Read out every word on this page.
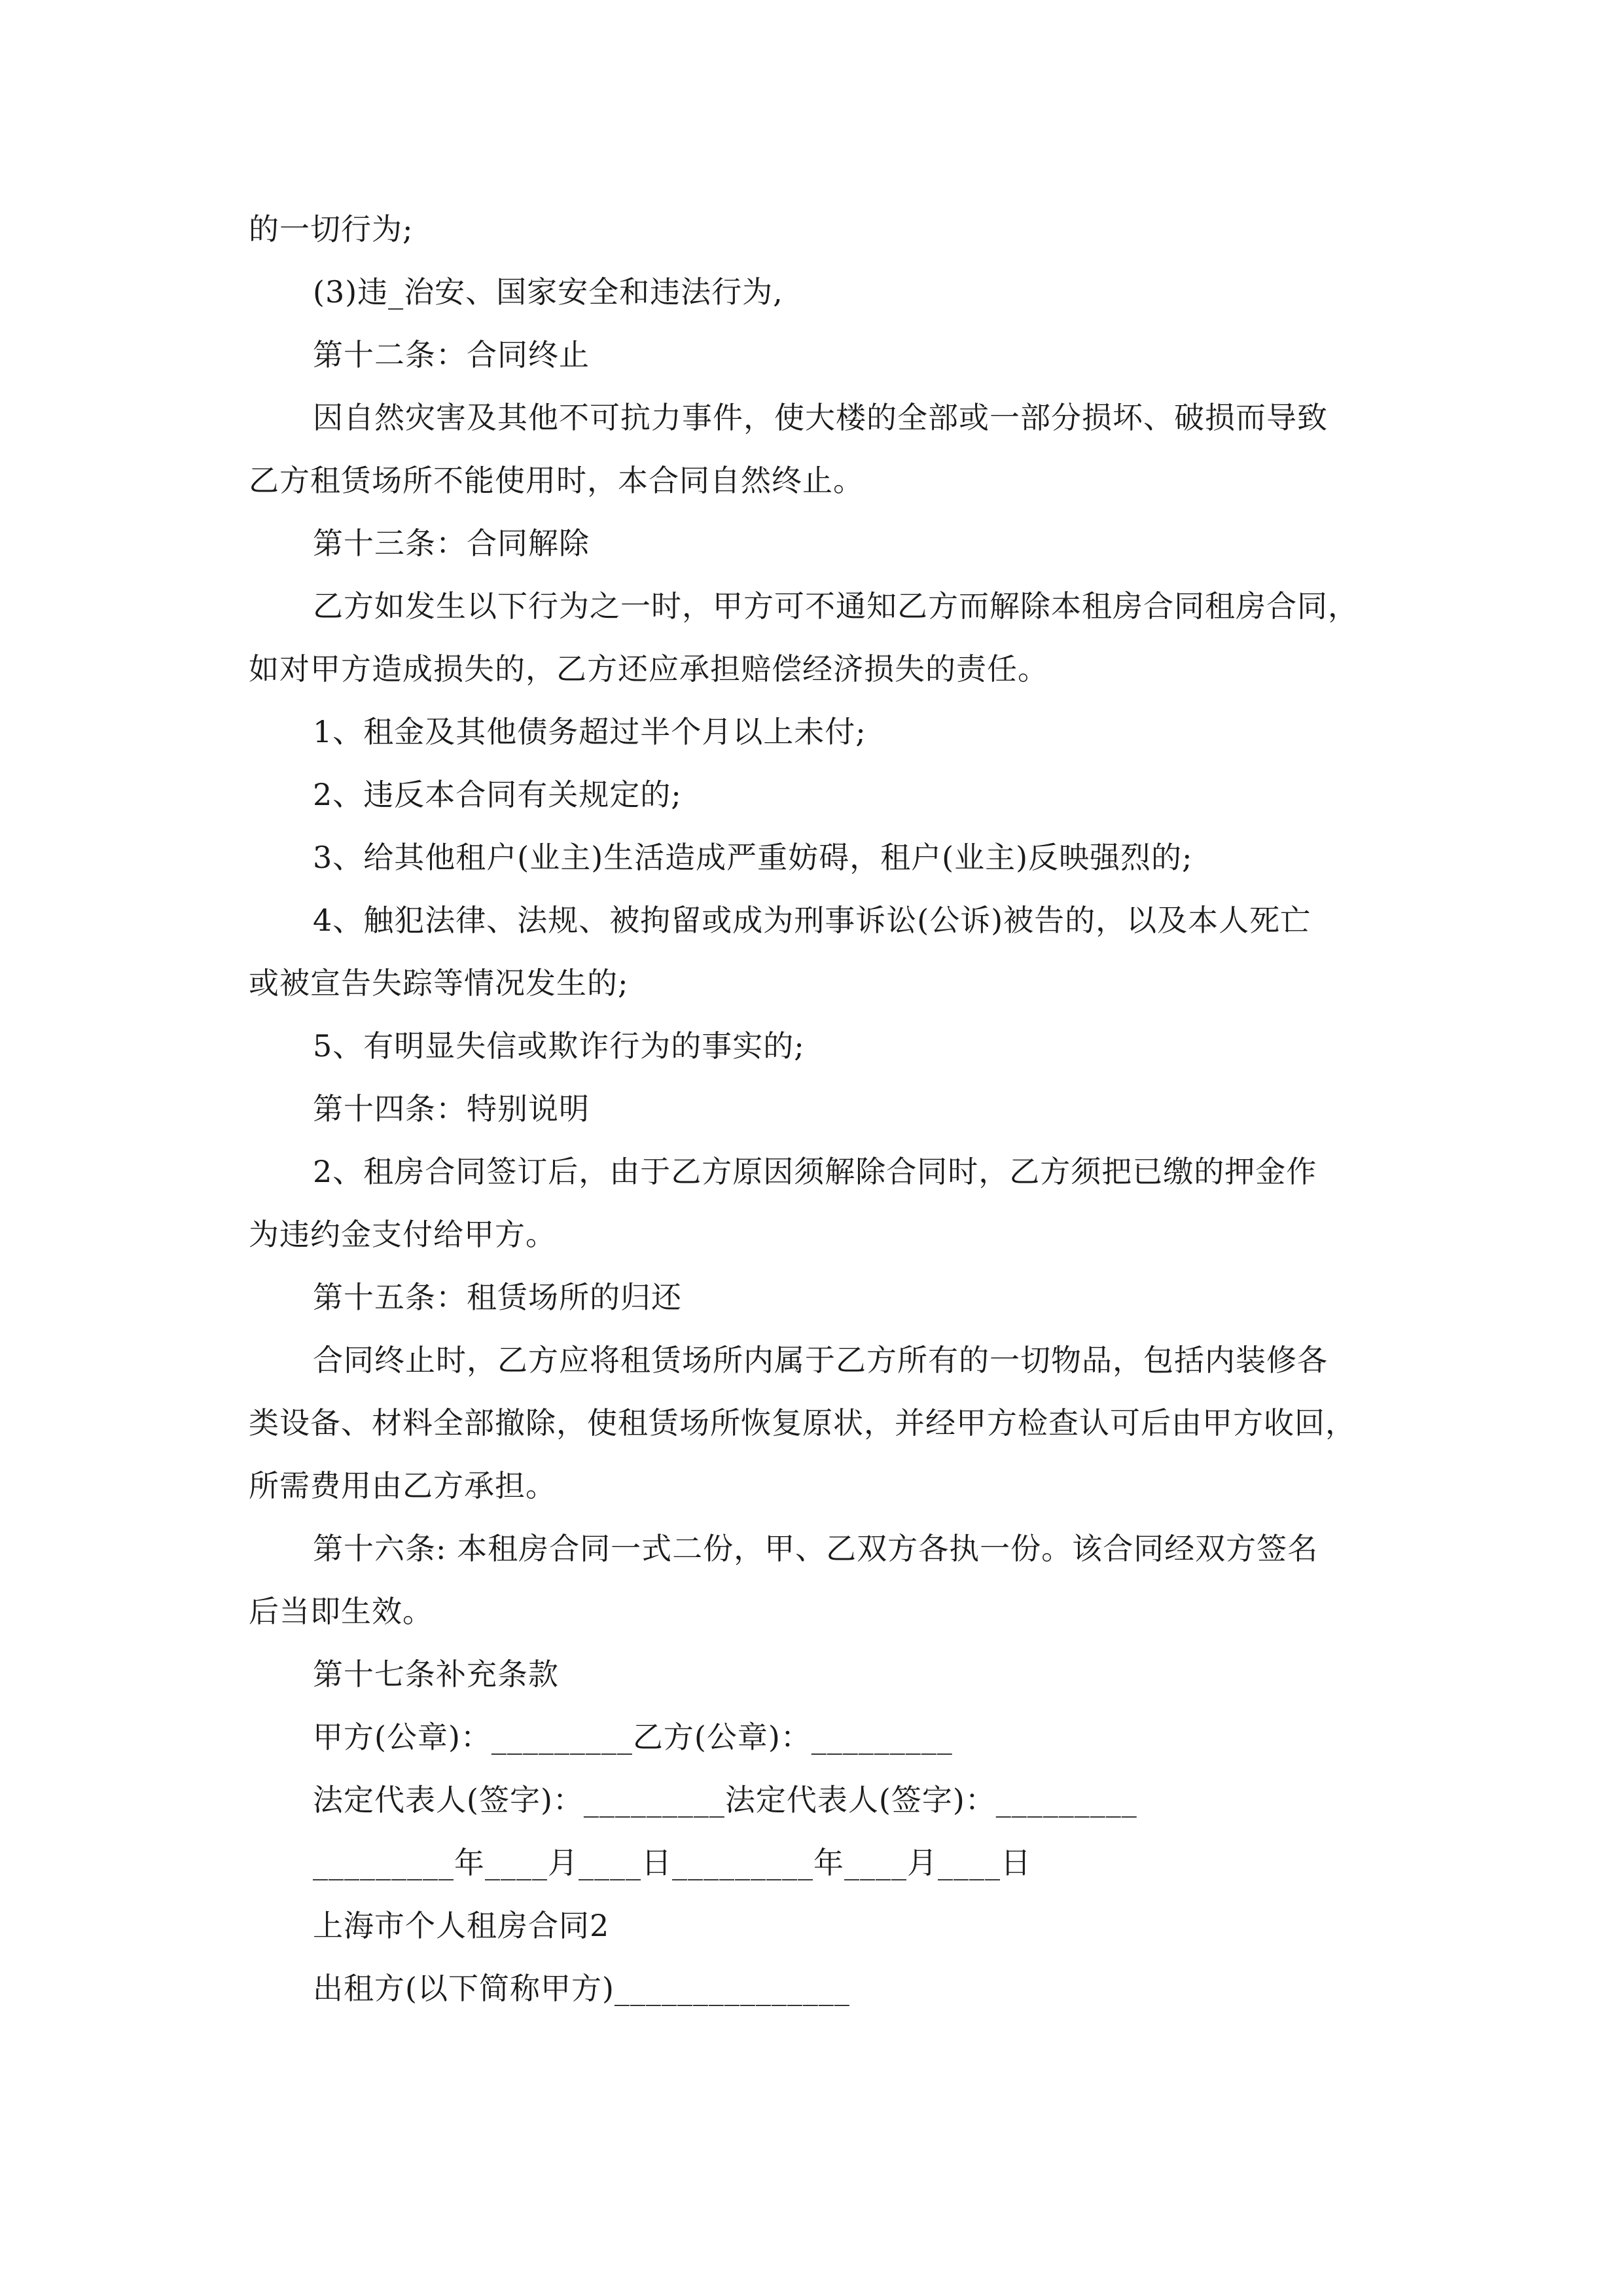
的一切行为;
(3)违_治安、国家安全和违法行为,
第十二条：合同终止
因自然灾害及其他不可抗力事件，使大楼的全部或一部分损坏、破损而导致
乙方租赁场所不能使用时，本合同自然终止。
第十三条：合同解除
乙方如发生以下行为之一时，甲方可不通知乙方而解除本租房合同租房合同，
如对甲方造成损失的，乙方还应承担赔偿经济损失的责任。
1、租金及其他债务超过半个月以上未付;
2、违反本合同有关规定的;
3、给其他租户(业主)生活造成严重妨碍，租户(业主)反映强烈的;
4、触犯法律、法规、被拘留或成为刑事诉讼(公诉)被告的，以及本人死亡
或被宣告失踪等情况发生的;
5、有明显失信或欺诈行为的事实的;
第十四条：特别说明
2、租房合同签订后，由于乙方原因须解除合同时，乙方须把已缴的押金作
为违约金支付给甲方。
第十五条：租赁场所的归还
合同终止时，乙方应将租赁场所内属于乙方所有的一切物品，包括内装修各
类设备、材料全部撤除，使租赁场所恢复原状，并经甲方检查认可后由甲方收回，
所需费用由乙方承担。
第十六条: 本租房合同一式二份，甲、乙双方各执一份。该合同经双方签名
后当即生效。
第十七条补充条款
甲方(公章)：_________乙方(公章)：_________
法定代表人(签字)：_________法定代表人(签字)：_________
_________年____月____日_________年____月____日
上海市个人租房合同2
出租方(以下简称甲方)_______________
